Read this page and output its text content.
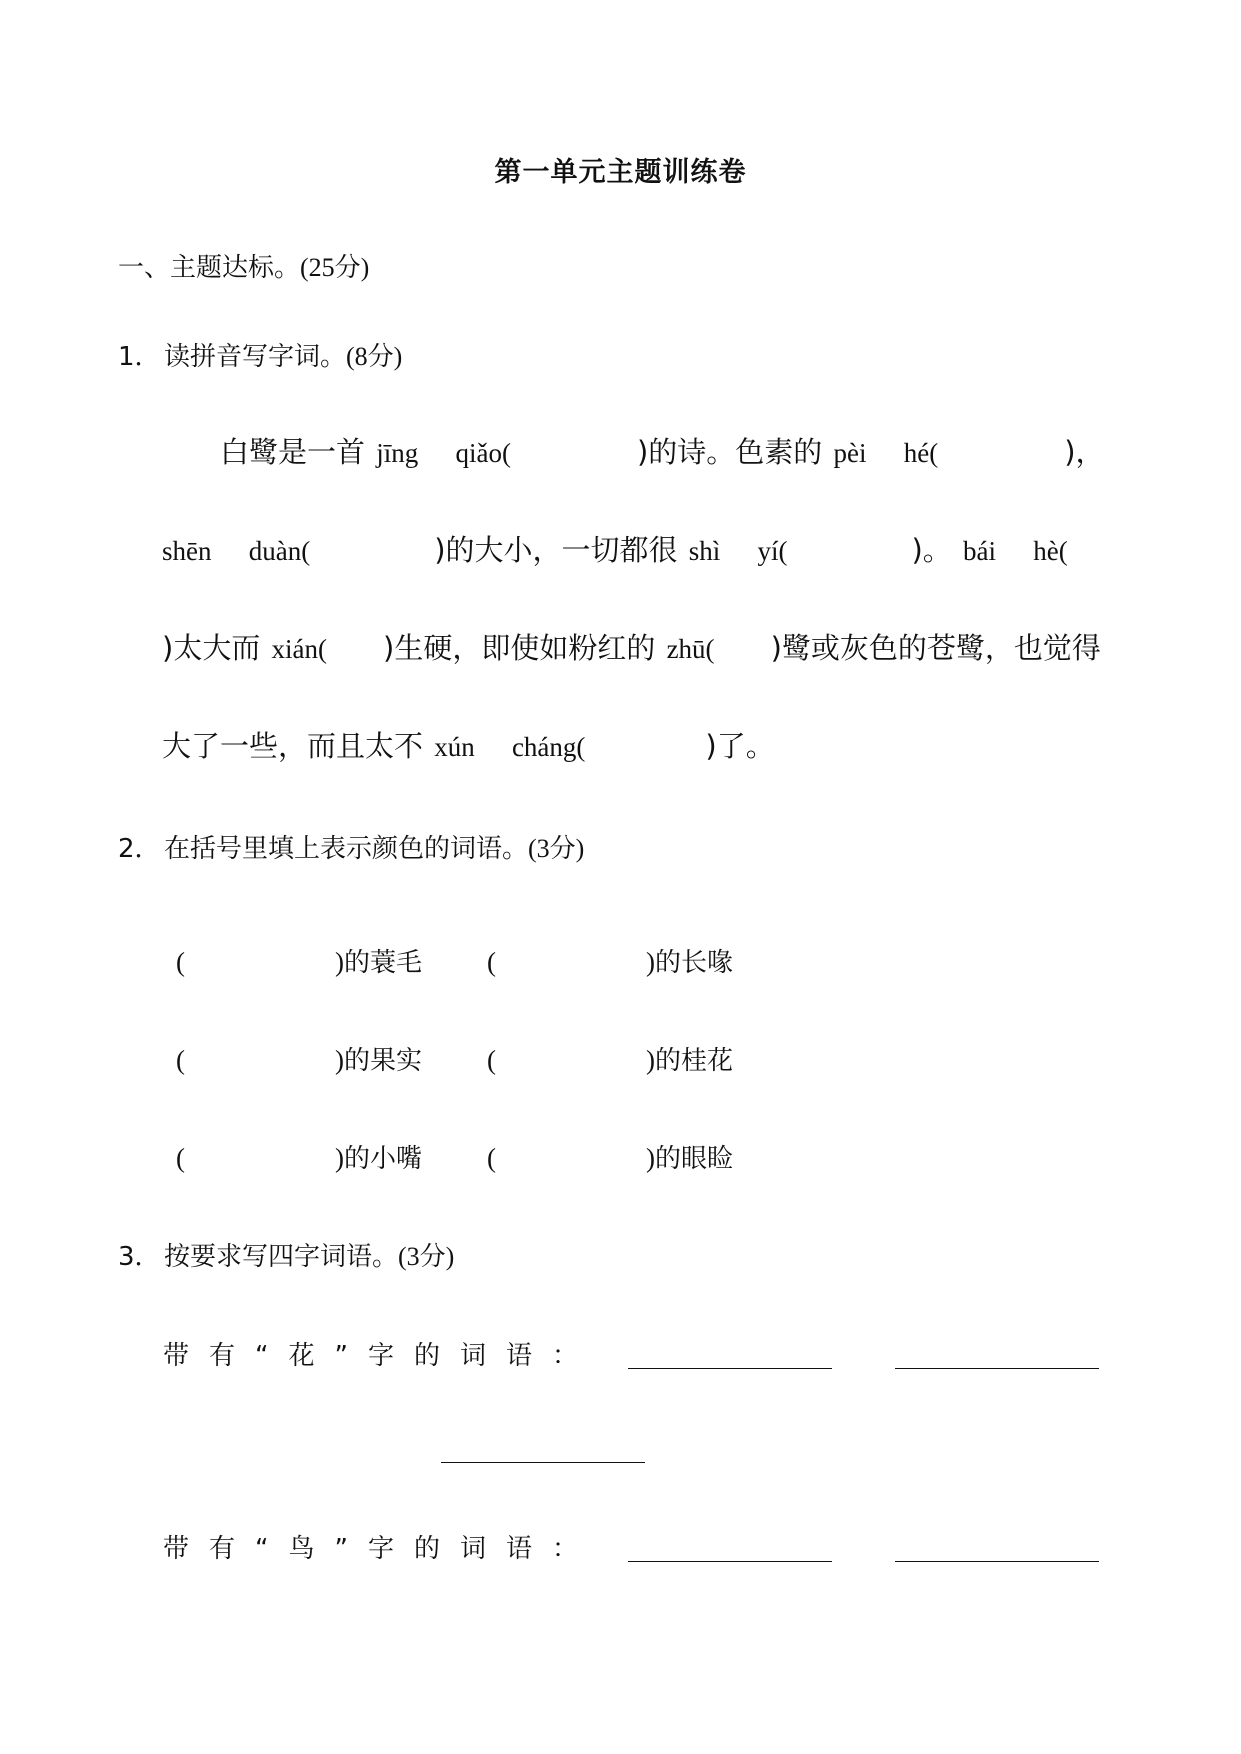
第一单元主题训练卷
一、主题达标。(25分)
1． 读拼音写字词。(8分)
白鹭是一首 jīng qiǎo(	)的诗。色素的 pèi hé(	)，
shēn duàn(	)的大小，一切都很 shì yí(	)。 bái hè(
)太大而 xián( )生硬，即使如粉红的 zhū( )鹭或灰色的苍鹭，也觉得
大了一些，而且太不 xún cháng(	)了。
2． 在括号里填上表示颜色的词语。(3分)
(	)的蓑毛 (	)的长喙
(	)的果实 (	)的桂花
(	)的小嘴 (	)的眼睑
3． 按要求写四字词语。(3分)
带有“花”字的词语：
带有“鸟”字的词语：
